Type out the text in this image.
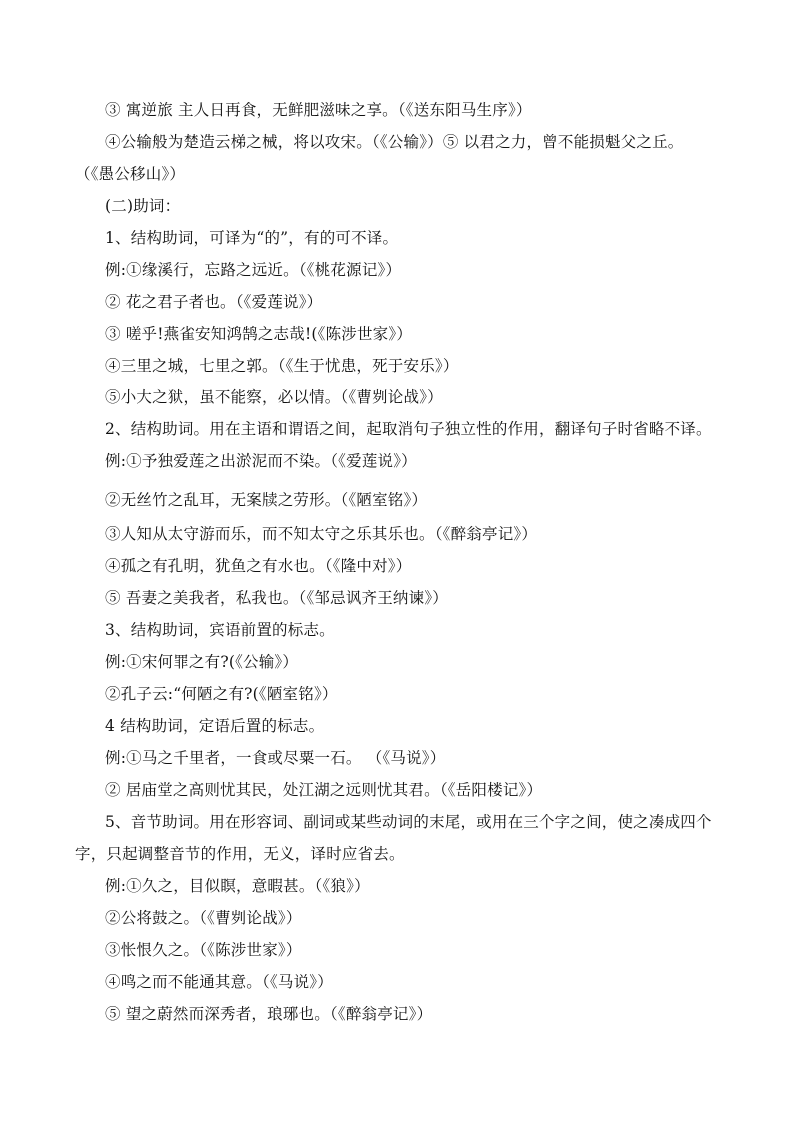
③ 寓逆旅 主人日再食，无鲜肥滋味之享。（《送东阳马生序》）
④公输般为楚造云梯之械，将以攻宋。（《公输》）⑤ 以君之力，曾不能损魁父之丘。
（《愚公移山》）
(二)助词：
1、结构助词，可译为“的”，有的可不译。
例:①缘溪行，忘路之远近。（《桃花源记》）
② 花之君子者也。（《爱莲说》）
③ 嗟乎!燕雀安知鸿鹄之志哉!(《陈涉世家》）
④三里之城，七里之郭。（《生于忧患，死于安乐》）
⑤小大之狱，虽不能察，必以情。（《曹刿论战》）
2、结构助词。用在主语和谓语之间，起取消句子独立性的作用，翻译句子时省略不译。
例:①予独爱莲之出淤泥而不染。（《爱莲说》）
②无丝竹之乱耳，无案牍之劳形。（《陋室铭》）
③人知从太守游而乐，而不知太守之乐其乐也。（《醉翁亭记》）
④孤之有孔明，犹鱼之有水也。（《隆中对》）
⑤ 吾妻之美我者，私我也。（《邹忌讽齐王纳谏》）
3、结构助词，宾语前置的标志。
例:①宋何罪之有?(《公输》）
②孔子云:“何陋之有?(《陋室铭》）
4 结构助词，定语后置的标志。
例:①马之千里者，一食或尽粟一石。 （《马说》）
② 居庙堂之高则忧其民，处江湖之远则忧其君。（《岳阳楼记》）
5、音节助词。用在形容词、副词或某些动词的末尾，或用在三个字之间，使之凑成四个
字，只起调整音节的作用，无义，译时应省去。
例:①久之，目似瞑，意暇甚。（《狼》）
②公将鼓之。（《曹刿论战》）
③怅恨久之。（《陈涉世家》）
④鸣之而不能通其意。（《马说》）
⑤ 望之蔚然而深秀者，琅琊也。（《醉翁亭记》）
